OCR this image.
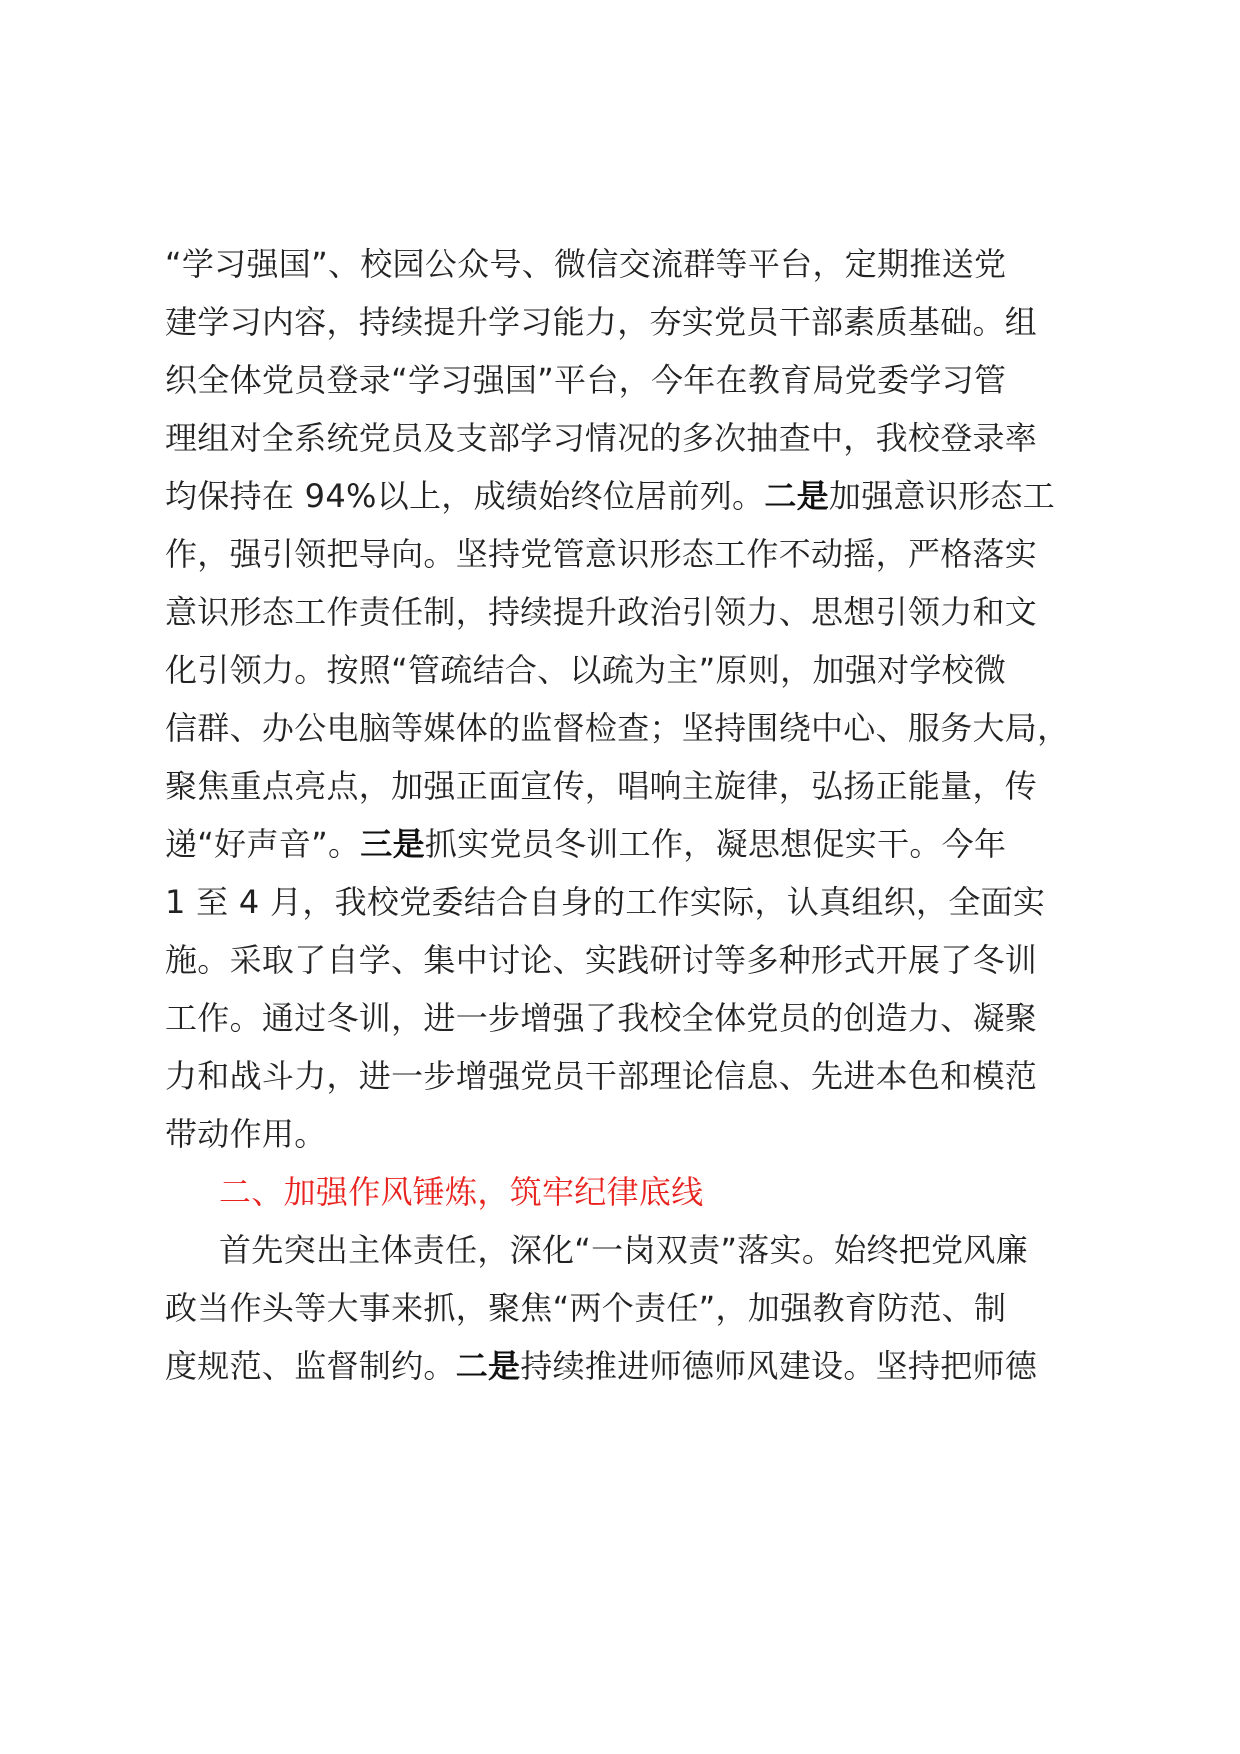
“学习强国”、校园公众号、微信交流群等平台，定期推送党
建学习内容，持续提升学习能力，夯实党员干部素质基础。组
织全体党员登录“学习强国”平台，今年在教育局党委学习管
理组对全系统党员及支部学习情况的多次抽查中，我校登录率
均保持在 94%以上，成绩始终位居前列。二是加强意识形态工
作，强引领把导向。坚持党管意识形态工作不动摇，严格落实
意识形态工作责任制，持续提升政治引领力、思想引领力和文
化引领力。按照“管疏结合、以疏为主”原则，加强对学校微
信群、办公电脑等媒体的监督检查；坚持围绕中心、服务大局，
聚焦重点亮点，加强正面宣传，唱响主旋律，弘扬正能量，传
递“好声音”。三是抓实党员冬训工作，凝思想促实干。今年
1 至 4 月，我校党委结合自身的工作实际，认真组织，全面实
施。采取了自学、集中讨论、实践研讨等多种形式开展了冬训
工作。通过冬训，进一步增强了我校全体党员的创造力、凝聚
力和战斗力，进一步增强党员干部理论信息、先进本色和模范
带动作用。
二、加强作风锤炼，筑牢纪律底线
首先突出主体责任，深化“一岗双责”落实。始终把党风廉
政当作头等大事来抓，聚焦“两个责任”，加强教育防范、制
度规范、监督制约。二是持续推进师德师风建设。坚持把师德
